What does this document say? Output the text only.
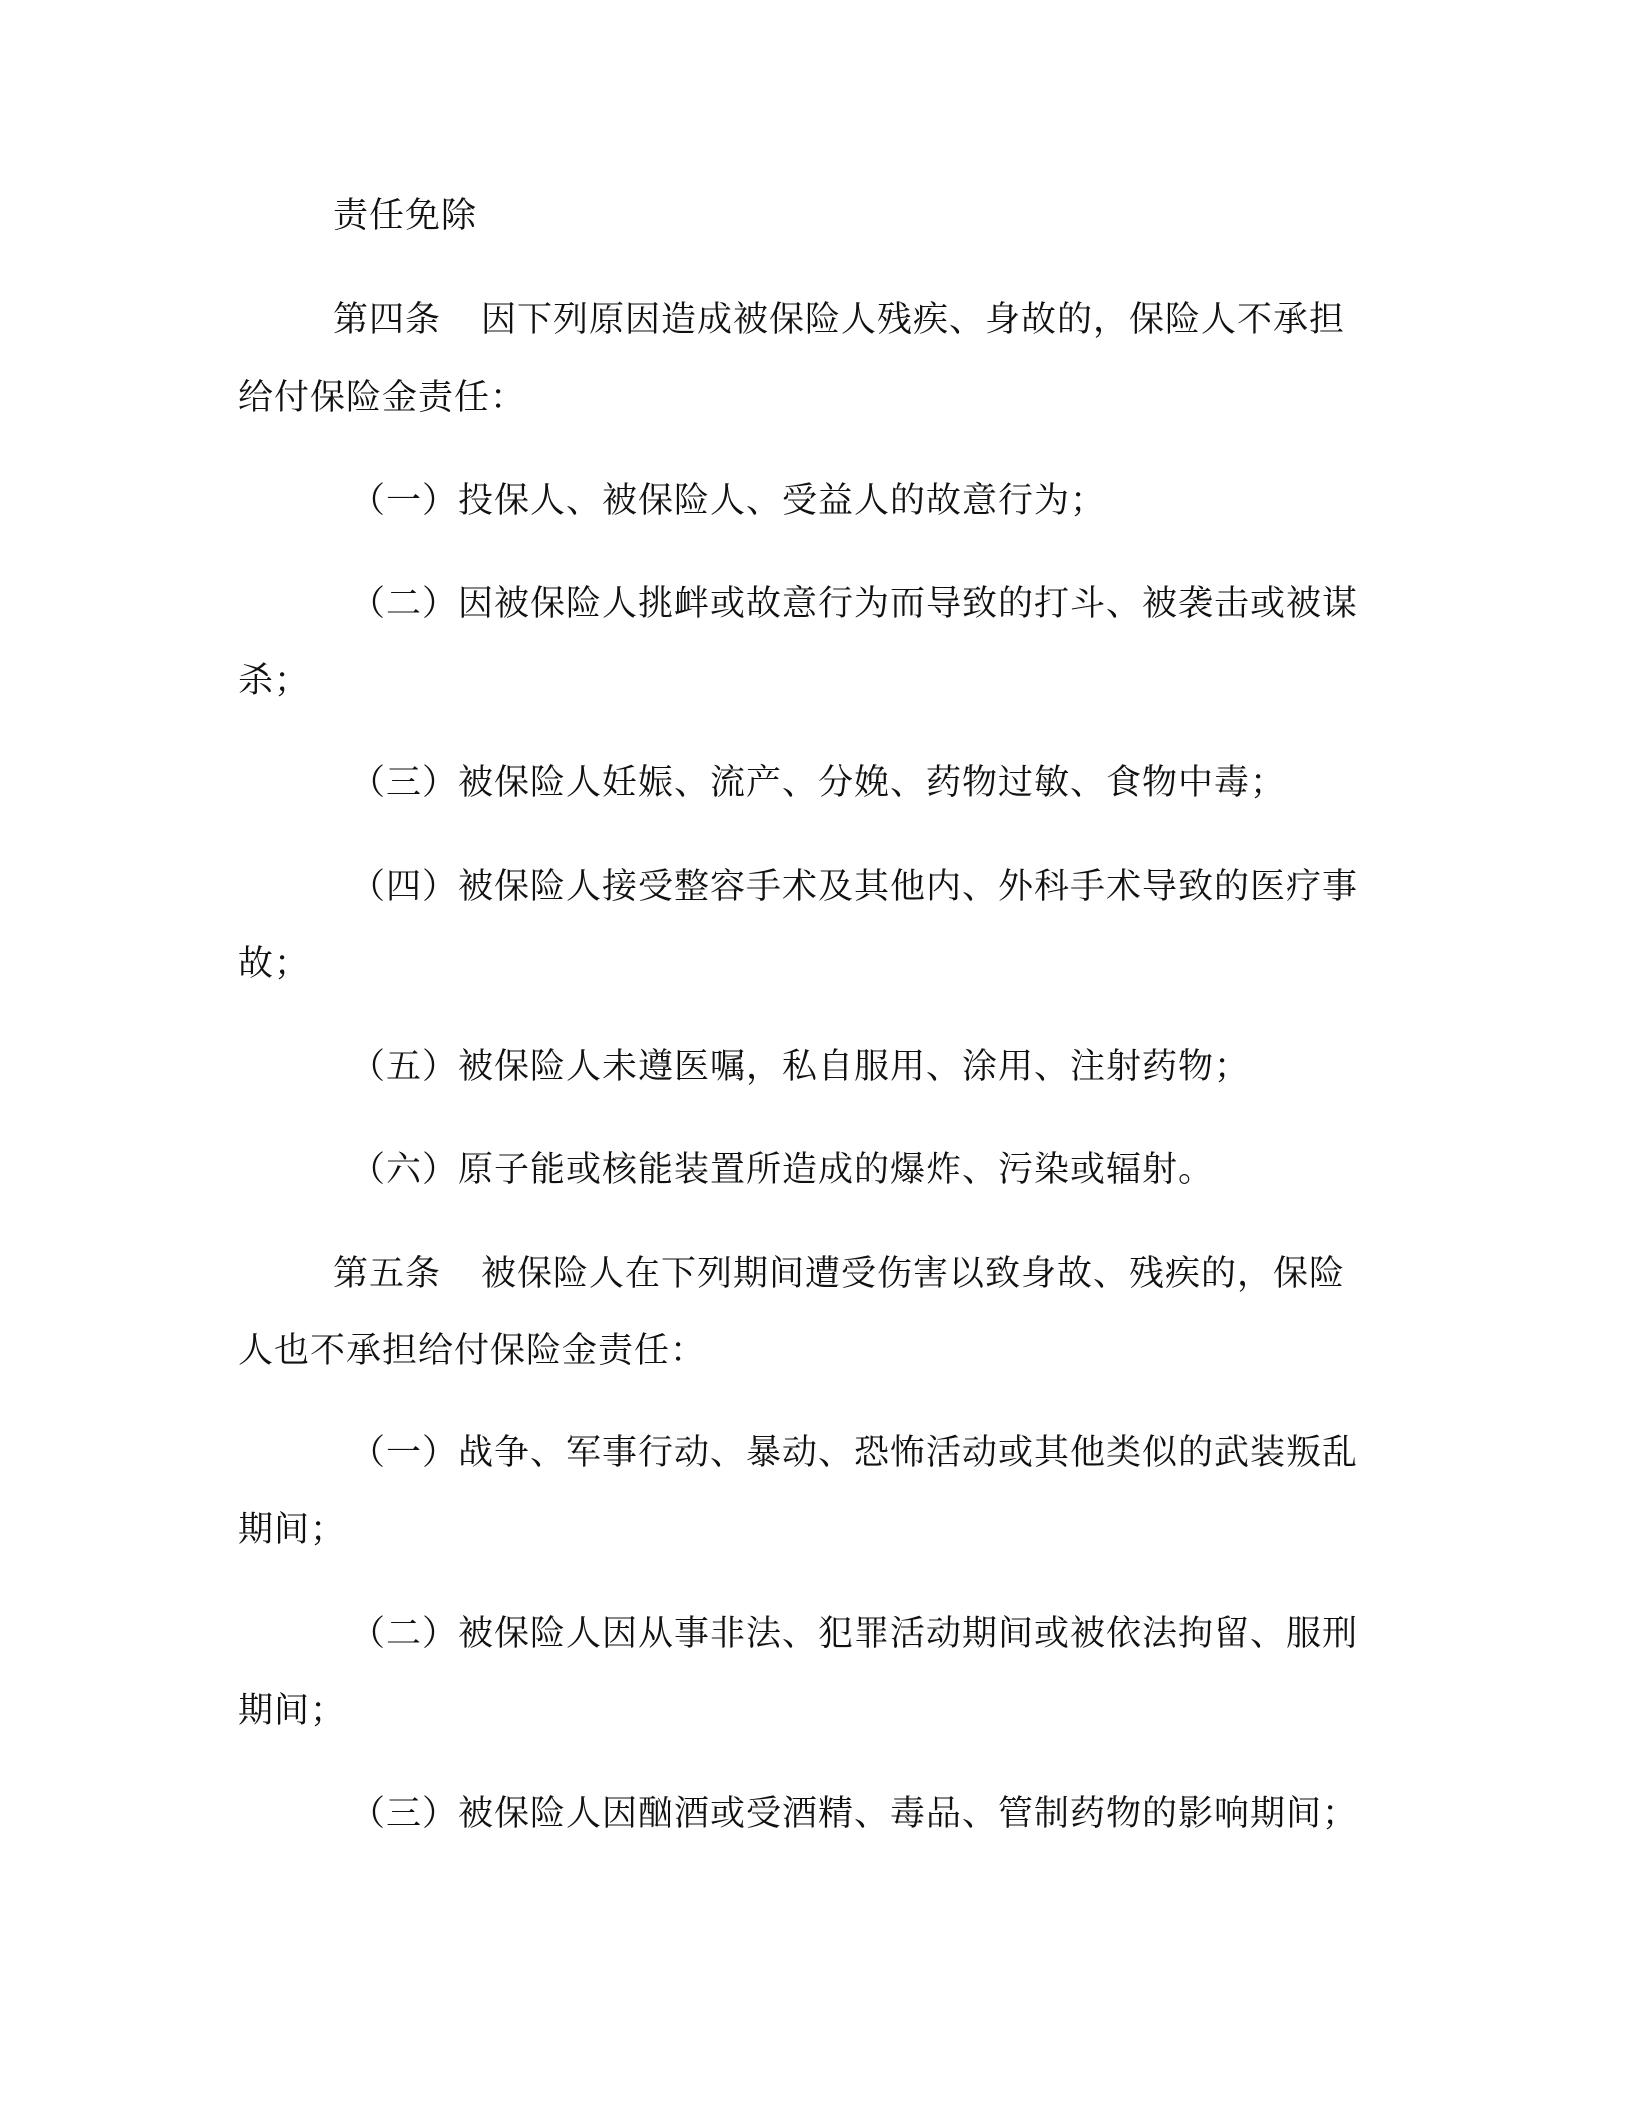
责任免除
第四条 因下列原因造成被保险人残疾、身故的，保险人不承担
给付保险金责任：
（一）投保人、被保险人、受益人的故意行为；
（二）因被保险人挑衅或故意行为而导致的打斗、被袭击或被谋
杀；
（三）被保险人妊娠、流产、分娩、药物过敏、食物中毒；
（四）被保险人接受整容手术及其他内、外科手术导致的医疗事
故；
（五）被保险人未遵医嘱，私自服用、涂用、注射药物；
（六）原子能或核能装置所造成的爆炸、污染或辐射。
第五条 被保险人在下列期间遭受伤害以致身故、残疾的，保险
人也不承担给付保险金责任：
（一）战争、军事行动、暴动、恐怖活动或其他类似的武装叛乱
期间；
（二）被保险人因从事非法、犯罪活动期间或被依法拘留、服刑
期间；
（三）被保险人因酗酒或受酒精、毒品、管制药物的影响期间；
